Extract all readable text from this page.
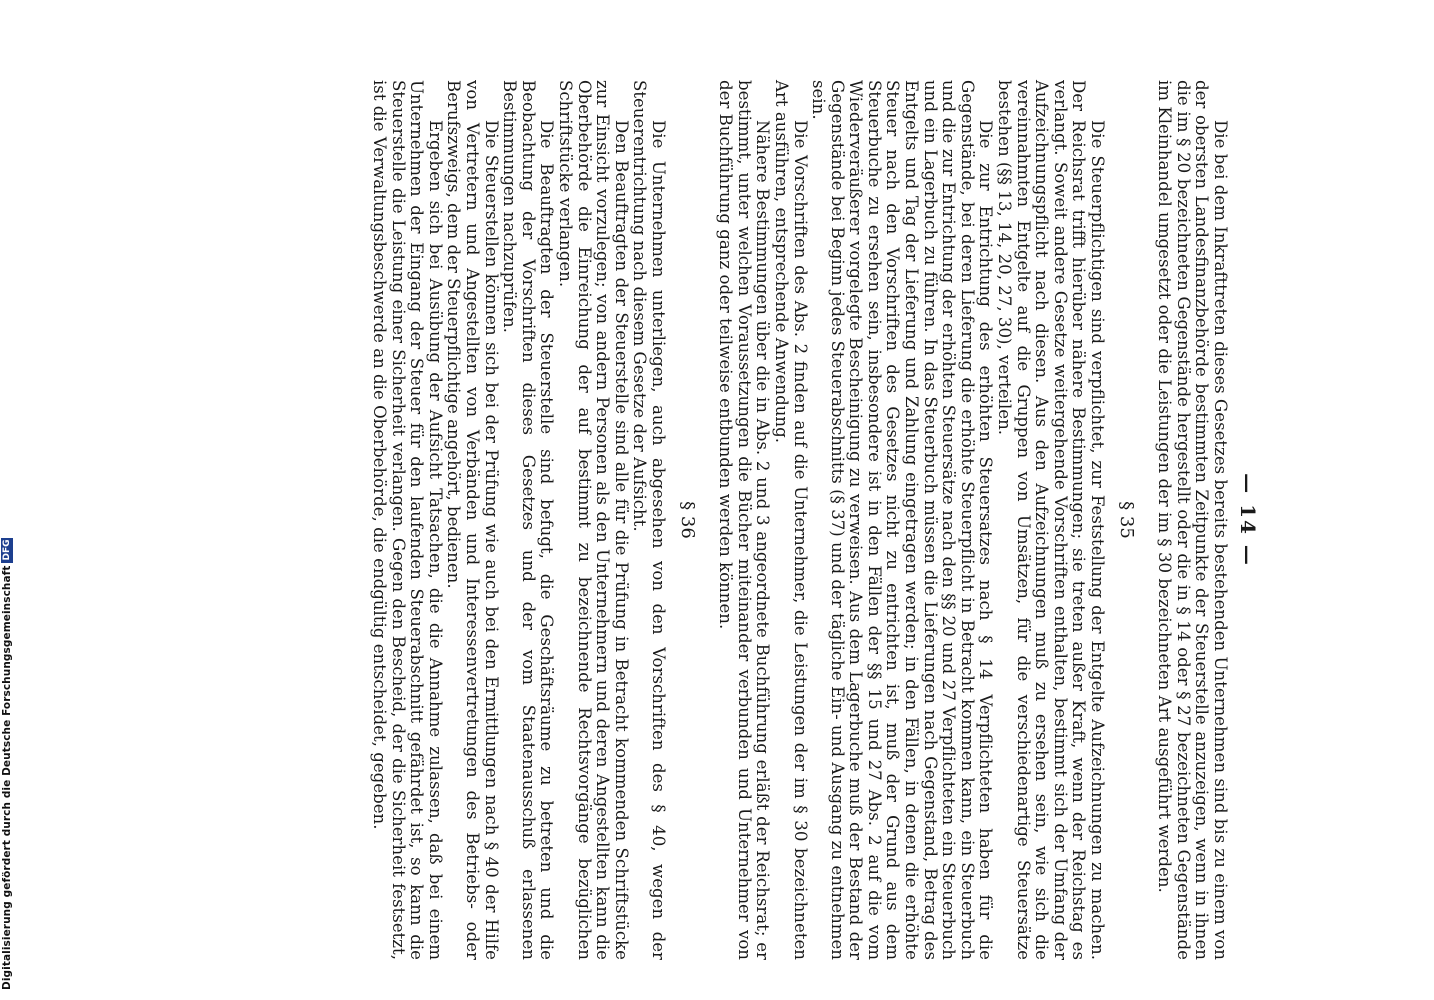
— 14 —

Die bei dem Inkrafttreten dieses Gesetzes bereits bestehenden Unternehmen sind bis zu einem von der obersten Landesfinanzbehörde bestimmten Zeitpunkte der Steuerstelle anzuzeigen, wenn in ihnen die im § 20 bezeichneten Gegenstände hergestellt oder die in § 14 oder § 27 bezeichneten Gegenstände im Kleinhandel umgesetzt oder die Leistungen der im § 30 bezeichneten Art ausgeführt werden.

§ 35

Die Steuerpflichtigen sind verpflichtet, zur Feststellung der Entgelte Aufzeichnungen zu machen. Der Reichsrat trifft hierüber nähere Bestimmungen; sie treten außer Kraft, wenn der Reichstag es verlangt. Soweit andere Gesetze weitergehende Vorschriften enthalten, bestimmt sich der Umfang der Aufzeichnungspflicht nach diesen. Aus den Aufzeichnungen muß zu ersehen sein, wie sich die vereinnahmten Entgelte auf die Gruppen von Umsätzen, für die verschiedenartige Steuersätze bestehen (§§ 13, 14, 20, 27, 30), verteilen.

Die zur Entrichtung des erhöhten Steuersatzes nach § 14 Verpflichteten haben für die Gegenstände, bei deren Lieferung die erhöhte Steuerpflicht in Betracht kommen kann, ein Steuerbuch und die zur Entrichtung der erhöhten Steuersätze nach den §§ 20 und 27 Verpflichteten ein Steuerbuch und ein Lagerbuch zu führen. In das Steuerbuch müssen die Lieferungen nach Gegenstand, Betrag des Entgelts und Tag der Lieferung und Zahlung eingetragen werden; in den Fällen, in denen die erhöhte Steuer nach den Vorschriften des Gesetzes nicht zu entrichten ist, muß der Grund aus dem Steuerbuche zu ersehen sein, insbesondere ist in den Fällen der §§ 15 und 27 Abs. 2 auf die vom Wiederveräußerer vorgelegte Bescheinigung zu verweisen. Aus dem Lagerbuche muß der Bestand der Gegenstände bei Beginn jedes Steuerabschnitts (§ 37) und der tägliche Ein- und Ausgang zu entnehmen sein.

Die Vorschriften des Abs. 2 finden auf die Unternehmer, die Leistungen der im § 30 bezeichneten Art ausführen, entsprechende Anwendung.

Nähere Bestimmungen über die in Abs. 2 und 3 angeordnete Buchführung erläßt der Reichsrat; er bestimmt, unter welchen Voraussetzungen die Bücher miteinander verbunden und Unternehmer von der Buchführung ganz oder teilweise entbunden werden können.

§ 36

Die Unternehmen unterliegen, auch abgesehen von den Vorschriften des § 40, wegen der Steuerentrichtung nach diesem Gesetze der Aufsicht.

Den Beauftragten der Steuerstelle sind alle für die Prüfung in Betracht kommenden Schriftstücke zur Einsicht vorzulegen; von andern Personen als den Unternehmern und deren Angestellten kann die Oberbehörde die Einreichung der auf bestimmt zu bezeichnende Rechtsvorgänge bezüglichen Schriftstücke verlangen.

Die Beauftragten der Steuerstelle sind befugt, die Geschäftsräume zu betreten und die Beobachtung der Vorschriften dieses Gesetzes und der vom Staatenausschuß erlassenen Bestimmungen nachzuprüfen.

Die Steuerstellen können sich bei der Prüfung wie auch bei den Ermittlungen nach § 40 der Hilfe von Vertretern und Angestellten von Verbänden und Interessenvertretungen des Betriebs- oder Berufszweigs, dem der Steuerpflichtige angehört, bedienen.

Ergeben sich bei Ausübung der Aufsicht Tatsachen, die die Annahme zulassen, daß bei einem Unternehmen der Eingang der Steuer für den laufenden Steuerabschnitt gefährdet ist, so kann die Steuerstelle die Leistung einer Sicherheit verlangen. Gegen den Bescheid, der die Sicherheit festsetzt, ist die Verwaltungsbeschwerde an die Oberbehörde, die endgültig entscheidet, gegeben.

Digitalisierung gefördert durch die Deutsche Forschungsgemeinschaft
DFG
